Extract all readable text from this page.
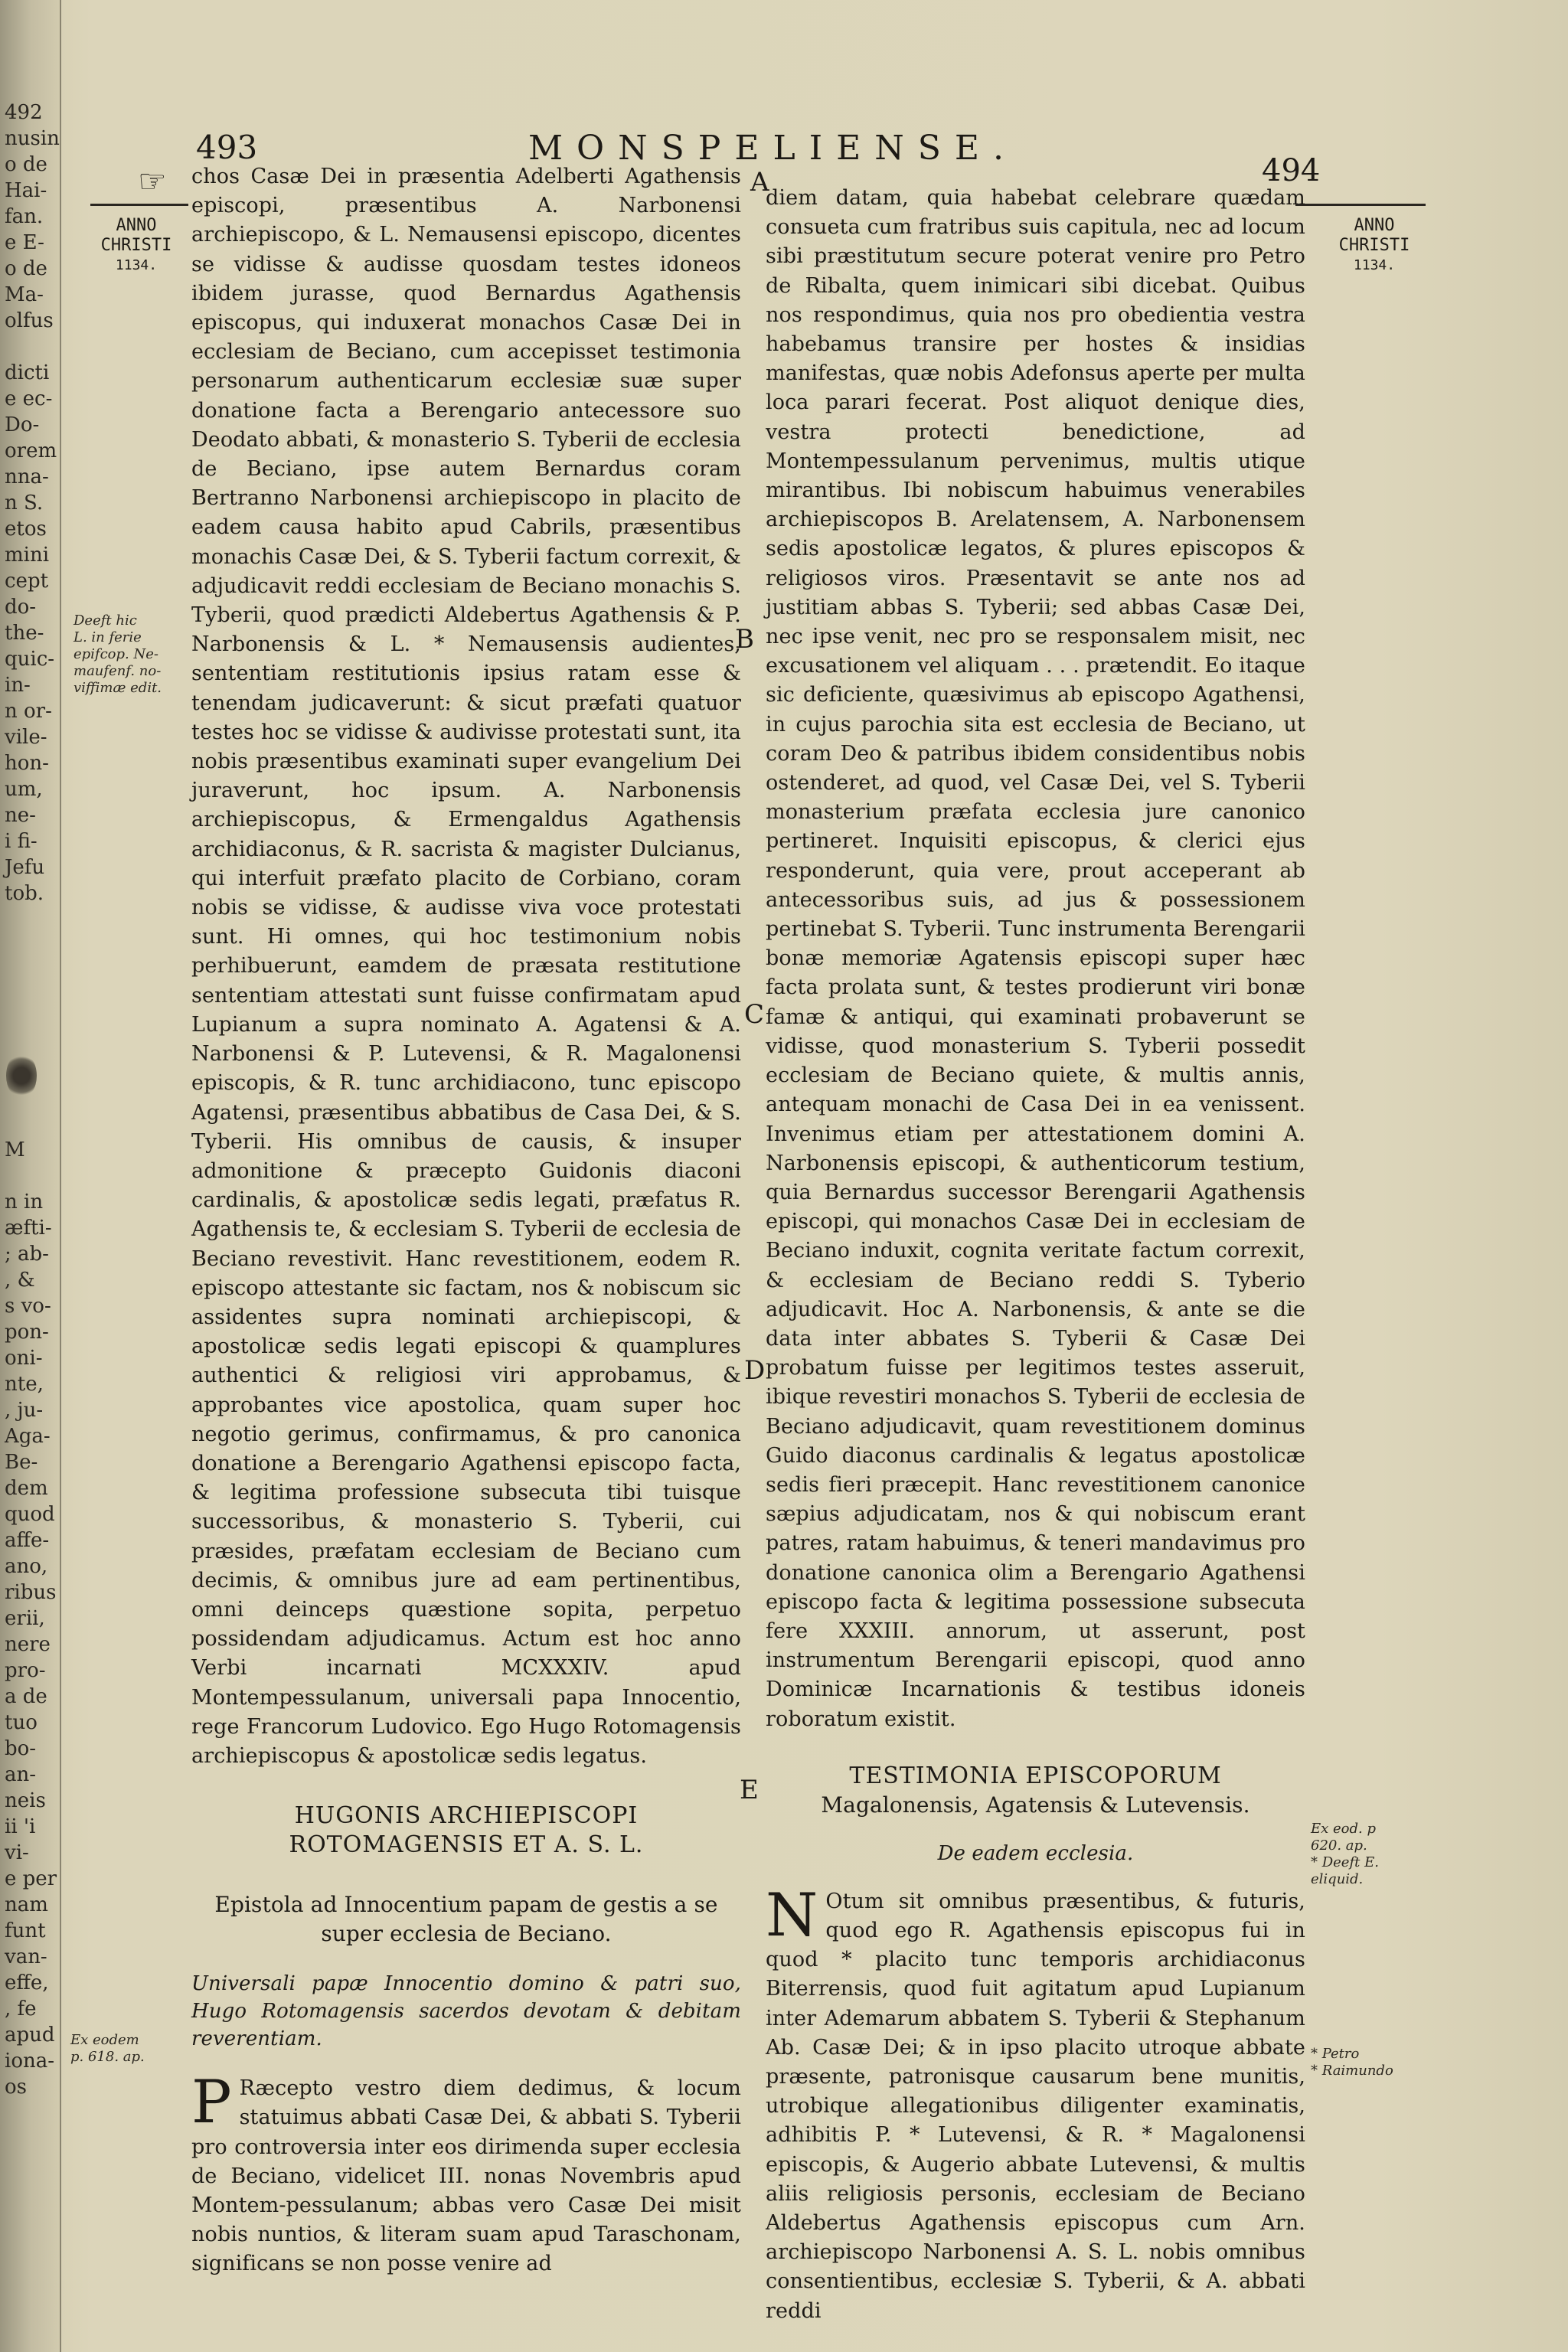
492
nusin
o de
Hai-
fan.
e E-
o de
Ma-
olfus
dicti
e ec-
Do-
orem
nna-
n S.
etos
mini
cept
do-
the-
quic-
in-
n or-
vile-
hon-
um,
ne-
i fi-
Jefu
tob.
M
n in
æfti-
; ab-
, &
s vo-
pon-
oni-
nte,
, ju-
Aga-
Be-
dem
quod
affe-
ano,
ribus
erii,
nere
pro-
a de
tuo
bo-
an-
neis
ii 'i
vi-
e per
nam
funt
van-
effe,
, fe
apud
iona-
os
☞
493	MONSPELIENSE.
494
ANNO
CHRISTI
1134.
Deeft hic
L. in ferie
epifcop. Ne-
maufenf. no-
viffimæ edit.
Ex eodem
p. 618. ap.
ANNO
CHRISTI
1134.
Ex eod. p
620. ap.
* Deeft E.
eliquid.
* Petro
* Raimundo
A
B
C
D
E

chos Casæ Dei in præsentia Adelberti Agathensis episcopi, præsentibus A. Narbonensi archiepiscopo, & L. Nemausensi episcopo, dicentes se vidisse & audisse quosdam testes idoneos ibidem jurasse, quod Bernardus Agathensis episcopus, qui induxerat monachos Casæ Dei in ecclesiam de Beciano, cum accepisset testimonia personarum authenticarum ecclesiæ suæ super donatione facta a Berengario antecessore suo Deodato abbati, & monasterio S. Tyberii de ecclesia de Beciano, ipse autem Bernardus coram Bertranno Narbonensi archiepiscopo in placito de eadem causa habito apud Cabrils, præsentibus monachis Casæ Dei, & S. Tyberii factum correxit, & adjudicavit reddi ecclesiam de Beciano monachis S. Tyberii, quod prædicti Aldebertus Agathensis & P. Narbonensis & L. * Nemausensis audientes, sententiam restitutionis ipsius ratam esse & tenendam judicaverunt: & sicut præfati quatuor testes hoc se vidisse & audivisse protestati sunt, ita nobis præsentibus examinati super evangelium Dei juraverunt, hoc ipsum. A. Narbonensis archiepiscopus, & Ermengaldus Agathensis archidiaconus, & R. sacrista & magister Dulcianus, qui interfuit præfato placito de Corbiano, coram nobis se vidisse, & audisse viva voce protestati sunt. Hi omnes, qui hoc testimonium nobis perhibuerunt, eamdem de præsata restitutione sententiam attestati sunt fuisse confirmatam apud Lupianum a supra nominato A. Agatensi & A. Narbonensi & P. Lutevensi, & R. Magalonensi episcopis, & R. tunc archidiacono, tunc episcopo Agatensi, præsentibus abbatibus de Casa Dei, & S. Tyberii. His omnibus de causis, & insuper admonitione & præcepto Guidonis diaconi cardinalis, & apostolicæ sedis legati, præfatus R. Agathensis te, & ecclesiam S. Tyberii de ecclesia de Beciano revestivit. Hanc revestitionem, eodem R. episcopo attestante sic factam, nos & nobiscum sic assidentes supra nominati archiepiscopi, & apostolicæ sedis legati episcopi & quamplures authentici & religiosi viri approbamus, & approbantes vice apostolica, quam super hoc negotio gerimus, confirmamus, & pro canonica donatione a Berengario Agathensi episcopo facta, & legitima professione subsecuta tibi tuisque successoribus, & monasterio S. Tyberii, cui præsides, præfatam ecclesiam de Beciano cum decimis, & omnibus jure ad eam pertinentibus, omni deinceps quæstione sopita, perpetuo possidendam adjudicamus. Actum est hoc anno Verbi incarnati MCXXXIV. apud Montempessulanum, universali papa Innocentio, rege Francorum Ludovico. Ego Hugo Rotomagensis archiepiscopus & apostolicæ sedis legatus.

HUGONIS ARCHIEPISCOPI ROTOMAGENSIS ET A. S. L.
Epistola ad Innocentium papam de gestis a se super ecclesia de Beciano.
Universali papæ Innocentio domino & patri suo, Hugo Rotomagensis sacerdos devotam & debitam reverentiam.

P Ræcepto vestro diem dedimus, & locum statuimus abbati Casæ Dei, & abbati S. Tyberii pro controversia inter eos dirimenda super ecclesia de Beciano, videlicet III. nonas Novembris apud Montem-pessulanum; abbas vero Casæ Dei misit nobis nuntios, & literam suam apud Taraschonam, significans se non posse venire ad

diem datam, quia habebat celebrare quædam consueta cum fratribus suis capitula, nec ad locum sibi præstitutum secure poterat venire pro Petro de Ribalta, quem inimicari sibi dicebat. Quibus nos respondimus, quia nos pro obedientia vestra habebamus transire per hostes & insidias manifestas, quæ nobis Adefonsus aperte per multa loca parari fecerat. Post aliquot denique dies, vestra protecti benedictione, ad Montempessulanum pervenimus, multis utique mirantibus. Ibi nobiscum habuimus venerabiles archiepiscopos B. Arelatensem, A. Narbonensem sedis apostolicæ legatos, & plures episcopos & religiosos viros. Præsentavit se ante nos ad justitiam abbas S. Tyberii; sed abbas Casæ Dei, nec ipse venit, nec pro se responsalem misit, nec excusationem vel aliquam . . . prætendit. Eo itaque sic deficiente, quæsivimus ab episcopo Agathensi, in cujus parochia sita est ecclesia de Beciano, ut coram Deo & patribus ibidem considentibus nobis ostenderet, ad quod, vel Casæ Dei, vel S. Tyberii monasterium præfata ecclesia jure canonico pertineret. Inquisiti episcopus, & clerici ejus responderunt, quia vere, prout acceperant ab antecessoribus suis, ad jus & possessionem pertinebat S. Tyberii. Tunc instrumenta Berengarii bonæ memoriæ Agatensis episcopi super hæc facta prolata sunt, & testes prodierunt viri bonæ famæ & antiqui, qui examinati probaverunt se vidisse, quod monasterium S. Tyberii possedit ecclesiam de Beciano quiete, & multis annis, antequam monachi de Casa Dei in ea venissent. Invenimus etiam per attestationem domini A. Narbonensis episcopi, & authenticorum testium, quia Bernardus successor Berengarii Agathensis episcopi, qui monachos Casæ Dei in ecclesiam de Beciano induxit, cognita veritate factum correxit, & ecclesiam de Beciano reddi S. Tyberio adjudicavit. Hoc A. Narbonensis, & ante se die data inter abbates S. Tyberii & Casæ Dei probatum fuisse per legitimos testes asseruit, ibique revestiri monachos S. Tyberii de ecclesia de Beciano adjudicavit, quam revestitionem dominus Guido diaconus cardinalis & legatus apostolicæ sedis fieri præcepit. Hanc revestitionem canonice sæpius adjudicatam, nos & qui nobiscum erant patres, ratam habuimus, & teneri mandavimus pro donatione canonica olim a Berengario Agathensi episcopo facta & legitima possessione subsecuta fere XXXIII. annorum, ut asserunt, post instrumentum Berengarii episcopi, quod anno Dominicæ Incarnationis & testibus idoneis roboratum existit.

TESTIMONIA EPISCOPORUM
Magalonensis, Agatensis & Lutevensis.
De eadem ecclesia.

N Otum sit omnibus præsentibus, & futuris, quod ego R. Agathensis episcopus fui in quod * placito tunc temporis archidiaconus Biterrensis, quod fuit agitatum apud Lupianum inter Ademarum abbatem S. Tyberii & Stephanum Ab. Casæ Dei; & in ipso placito utroque abbate præsente, patronisque causarum bene munitis, utrobique allegationibus diligenter examinatis, adhibitis P. * Lutevensi, & R. * Magalonensi episcopis, & Augerio abbate Lutevensi, & multis aliis religiosis personis, ecclesiam de Beciano Aldebertus Agathensis episcopus cum Arn. archiepiscopo Narbonensi A. S. L. nobis omnibus consentientibus, ecclesiæ S. Tyberii, & A. abbati reddi
